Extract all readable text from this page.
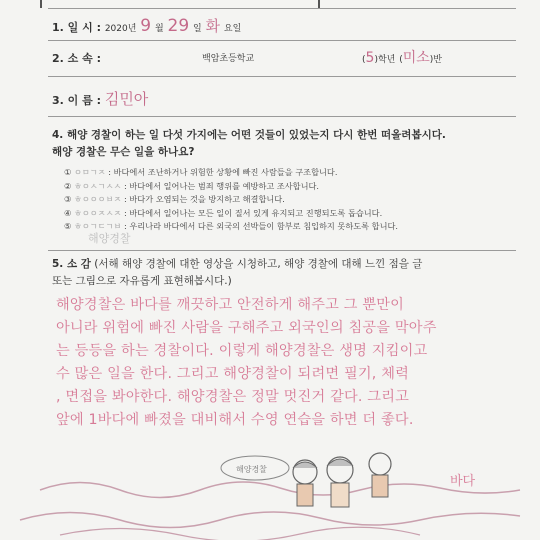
1. 일 시 : 2020년 9 월 29 일 화 요일
2. 소 속 :	백암초등학교	(5)학년 (미소)반
3. 이 름 : 김민아
4. 해양 경찰이 하는 일 다섯 가지에는 어떤 것들이 있었는지 다시 한번 떠올려봅시다.
해양 경찰은 무슨 일을 하나요?
① ㅇㅁㄱㅈ : 바다에서 조난하거나 위험한 상황에 빠진 사람들을 구조합니다.
② ㅎㅇㅅㄱㅅㅅ : 바다에서 일어나는 범죄 행위를 예방하고 조사합니다.
③ ㅎㅇㅇㅇㅂㅈ : 바다가 오염되는 것을 방지하고 해결합니다.
④ ㅎㅇㅇㅈㅅㅈ : 바다에서 일어나는 모든 일이 질서 있게 유지되고 진행되도록 돕습니다.
⑤ ㅎㅇㄱㄷㄱㅂ : 우리나라 바다에서 다른 외국의 선박들이 함부로 침입하지 못하도록 합니다.
해양경찰
5. 소 감 (서해 해양 경찰에 대한 영상을 시청하고, 해양 경찰에 대해 느낀 점을 글
또는 그림으로 자유롭게 표현해봅시다.)
해양경찰은 바다를 깨끗하고 안전하게 해주고 그 뿐만이
아니라 위험에 빠진 사람을 구해주고 외국인의 침공을 막아주
는 등등을 하는 경찰이다. 이렇게 해양경찰은 생명 지킴이고
수 많은 일을 한다. 그리고 해양경찰이 되려면 필기, 체력
, 면접을 봐야한다. 해양경찰은 정말 멋진거 같다. 그리고
앞에 1바다에 빠졌을 대비해서 수영 연습을 하면 더 좋다.
해양경찰
바다
